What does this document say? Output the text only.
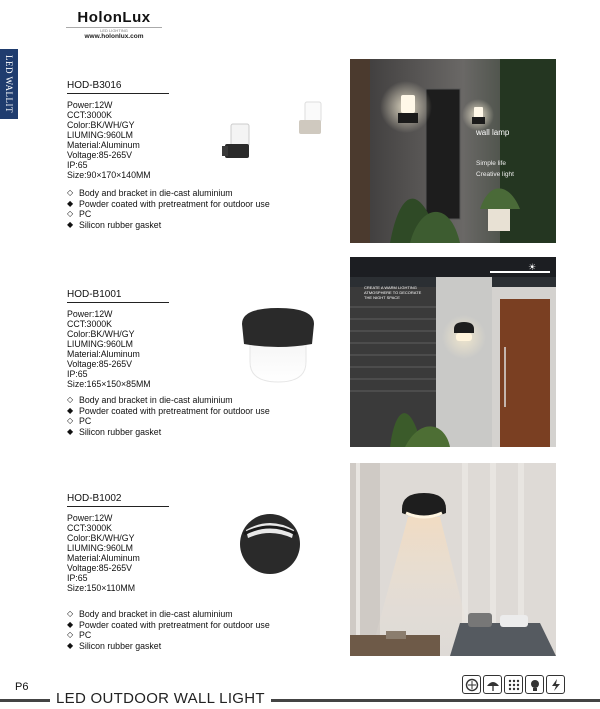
HolonLux
LED LIGHTING
www.holonlux.com
LED WALLIT	HOD-B3016
Power:12W
CCT:3000K
Color:BK/WH/GY
LIUMING:960LM
Material:Aluminum
Voltage:85-265V
IP:65
Size:90×170×140MM
◇ Body and bracket in die-cast aluminium
◆ Powder coated with pretreatment for outdoor use
◇ PC
◆ Silicon rubber gasket
wall lamp
Simple life
Creative light
HOD-B1001
Power:12W
CCT:3000K
Color:BK/WH/GY
LIUMING:960LM
Material:Aluminum
Voltage:85-265V
IP:65
Size:165×150×85MM
◇ Body and bracket in die-cast aluminium
◆ Powder coated with pretreatment for outdoor use
◇ PC
◆ Silicon rubber gasket
☀
CREATE A WARM LIGHTING
ATMOSPHERE TO DECORATE
THE NIGHT SPACE
HOD-B1002
Power:12W
CCT:3000K
Color:BK/WH/GY
LIUMING:960LM
Material:Aluminum
Voltage:85-265V
IP:65
Size:150×110MM
◇ Body and bracket in die-cast aluminium
◆ Powder coated with pretreatment for outdoor use
◇ PC
◆ Silicon rubber gasket
P6
LED OUTDOOR WALL LIGHT
